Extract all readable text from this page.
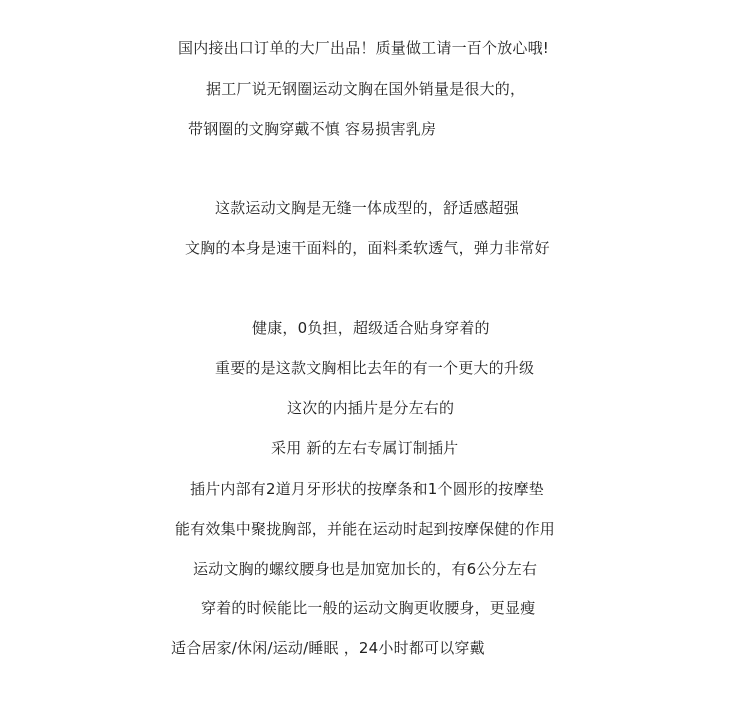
国内接出口订单的大厂出品！质量做工请一百个放心哦!
据工厂说无钢圈运动文胸在国外销量是很大的，
带钢圈的文胸穿戴不慎 容易损害乳房
这款运动文胸是无缝一体成型的，舒适感超强
文胸的本身是速干面料的，面料柔软透气，弹力非常好
健康，0负担，超级适合贴身穿着的
重要的是这款文胸相比去年的有一个更大的升级
这次的内插片是分左右的
采用 新的左右专属订制插片
插片内部有2道月牙形状的按摩条和1个圆形的按摩垫
能有效集中聚拢胸部，并能在运动时起到按摩保健的作用
运动文胸的螺纹腰身也是加宽加长的，有6公分左右
穿着的时候能比一般的运动文胸更收腰身，更显瘦
适合居家/休闲/运动/睡眠 ，24小时都可以穿戴
